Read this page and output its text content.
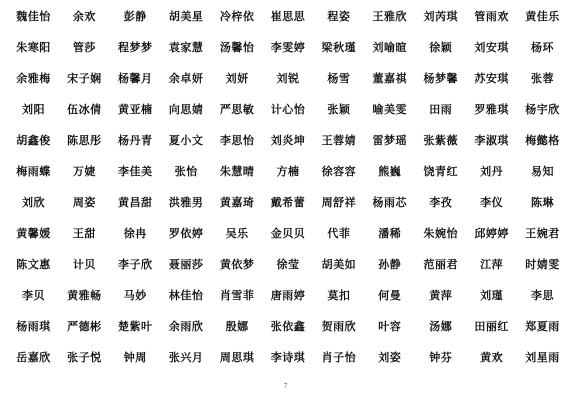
魏佳怡	余欢	彭静	胡美星	冷梓依	崔思思	程姿	王雅欣	刘芮琪	管雨欢	黄佳乐
朱寒阳	管莎	程梦梦	袁家慧	汤馨怡	李雯婷	梁秋瑾	刘喻暄	徐颖	刘安琪	杨环
余雅梅	宋子娴	杨馨月	余卓妍	刘妍	刘锐	杨雪	董嘉祺	杨梦馨	苏安琪	张蓉
刘阳	伍冰倩	黄亚楠	向思婧	严思敏	计心怡	张颖	喻美雯	田雨	罗雅琪	杨宇欣
胡鑫俊	陈思彤	杨丹青	夏小文	李思怡	刘炎坤	王蓉婧	雷梦瑶	张紫薇	李淑琪	梅懿格
梅雨蝶	万婕	李佳美	张怡	朱慧晴	方楠	徐容容	熊巍	饶青红	刘丹	易知
刘欣	周姿	黄昌甜	洪雅男	黄嘉琦	戴希蕾	周舒祥	杨雨芯	李孜	李仪	陈琳
黄馨媛	王甜	徐冉	罗依婷	吴乐	金贝贝	代菲	潘稀	朱婉怡	邱婷婷	王婉君
陈文惠	计贝	李子欣	聂丽莎	黄依梦	徐莹	胡美如	孙静	范丽君	江萍	时婧雯
李贝	黄雅畅	马妙	林佳怡	肖雪菲	唐雨婷	莫扣	何曼	黄萍	刘瑾	李思
杨雨琪	严德彬	楚紫叶	余雨欣	殷娜	张依鑫	贺雨欣	叶容	汤娜	田丽红	郑夏雨
岳嘉欣	张子悦	钟周	张兴月	周思琪	李诗琪	肖子怡	刘姿	钟芬	黄欢	刘星雨
7
